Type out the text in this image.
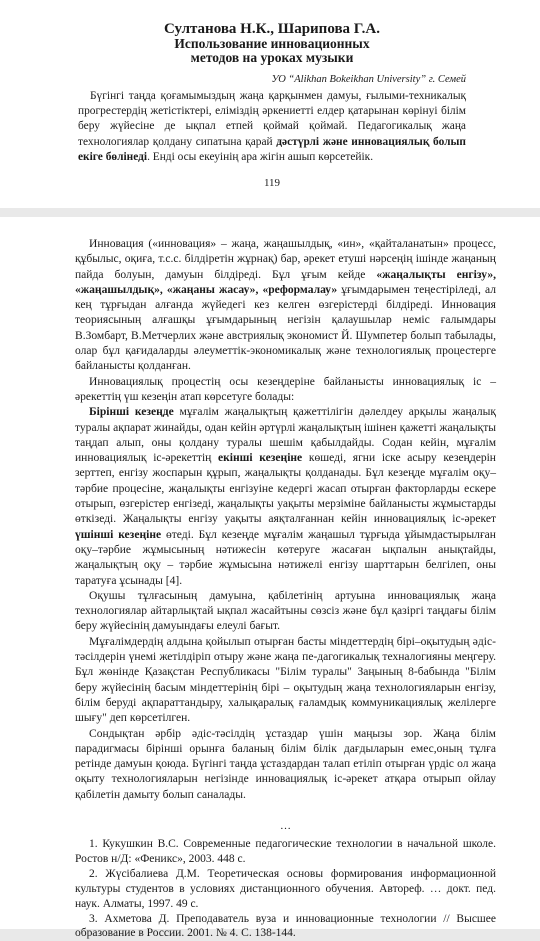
Султанова Н.К., Шарипова Г.А.
Использование инновационных
методов на уроках музыки
УО “Alikhan Bokeikhan University” г. Семей

Бүгінгі таңда қоғамымыздың жаңа қарқынмен дамуы, ғылыми-техникалық прогрестердің жетістіктері, еліміздің әркениетті елдер қатарынан көрінуі білім беру жүйесіне де ықпал етпей қоймай қоймай. Педагогикалық жаңа технологиялар қолдану сипатына қарай дәстүрлі және инновациялық болып екіге бөлінеді. Енді осы екеуінің ара жігін ашып көрсетейік.

119

Инновация («инновация» – жаңа, жаңашылдық, «ин», «қайталанатын» процесс, құбылыс, оқиға, т.с.с. білдіретін жұрнақ) бар, әрекет етуші нәрсеңің ішінде жаңаның пайда болуын, дамуын білдіреді. Бұл ұғым кейде «жаңалықты енгізу», «жаңашылдық», «жаңаны жасау», «реформалау» ұғымдарымен теңестіріледі, ал кең тұрғыдан алғанда жүйедегі кез келген өзгерістерді білдіреді. Инновация теориясының алғашқы ұғымдарының негізін қалаушылар неміс ғалымдары В.Зомбарт, В.Метчерлих және австриялық экономист Й. Шумпетер болып табылады, олар бұл қағидаларды әлеуметтік-экономикалық және технологиялық процестерге байланысты қолданған.

Инновациялық процестің осы кезеңдеріне байланысты инновациялық іс – әрекеттің үш кезеңін атап көрсетуге болады:

Бірінші кезеңде мұғалім жаңалықтың қажеттілігін дәлелдеу арқылы жаңалық туралы ақпарат жинайды, одан кейін әртүрлі жаңалықтың ішінен қажетті жаңалықты таңдап алып, оны қолдану туралы шешім қабылдайды. Содан кейін, мұғалім инновациялық іс-әрекеттің екінші кезеңіне көшеді, ягни іске асыру кезеңдерін зерттеп, енгізу жоспарын құрып, жаңалықты қолданады. Бұл кезеңде мұғалім оқу–тәрбие процесіне, жаңалықты енгізуіне кедергі жасап отырған факторларды ескере отырып, өзгерістер енгізеді, жаңалықты уақыты мерзіміне байланысты жұмыстарды өткізеді. Жаңалықты енгізу уақыты аяқталғаннан кейін инновациялық іс-әрекет үшінші кезеңіне өтеді. Бұл кезеңде мұғалім жаңашыл тұрғыда ұйымдастырылған оқу–тәрбие жұмысының нәтижесін көтеруге жасаған ықпалын анықтайды, жаңалықтың оқу – тәрбие жұмысына нәтижелі енгізу шарттарын белгілеп, оны таратуға ұсынады [4].

Оқушы тұлғасының дамуына, қабілетінің артуына инновациялық жаңа технологиялар айтарлықтай ықпал жасайтыны сөзсіз және бұл қазіргі таңдағы білім беру жүйесінің дамуындағы елеулі бағыт.

Мұғалімдердің алдына қойылып отырған басты міндеттердің бірі–оқытудың әдіс-тәсілдерін үнемі жетілдіріп отыру және жаңа пе-дагогикалық техналогияны меңгеру. Бұл жөнінде Қазақстан Республикасы "Білім туралы" Заңының 8-бабында "Білім беру жүйесінің басым міндеттерінің бірі – оқытудың жаңа технологияларын енгізу, білім беруді ақпараттандыру, халықаралық ғаламдық коммуникациялық желілерге шығу" деп көрсетілген.

Сондықтан әрбір әдіс-тәсілдің ұстаздар үшін маңызы зор. Жаңа білім парадигмасы бірінші орынға баланың білім білік дағдыларын емес,оның тұлға ретінде дамуын қоюда. Бүгінгі таңда ұстаздардан талап етіліп отырған үрдіс ол жаңа оқыту технологияларын негізінде инновациялық іс-әрекет атқара отырып ойлау қабілетін дамыту болып саналады.

…

1. Кукушкин В.С. Современные педагогические технологии в начальной школе. Ростов н/Д: «Феникс», 2003. 448 с.

2. Жүсібалиева Д.М. Теоретическая основы формирования информационной культуры студентов в условиях дистанционного обучения. Автореф. … докт. пед. наук. Алматы, 1997. 49 с.

3. Ахметова Д. Преподаватель вуза и инновационные технологии // Высшее образование в России. 2001. № 4. С. 138-144.
